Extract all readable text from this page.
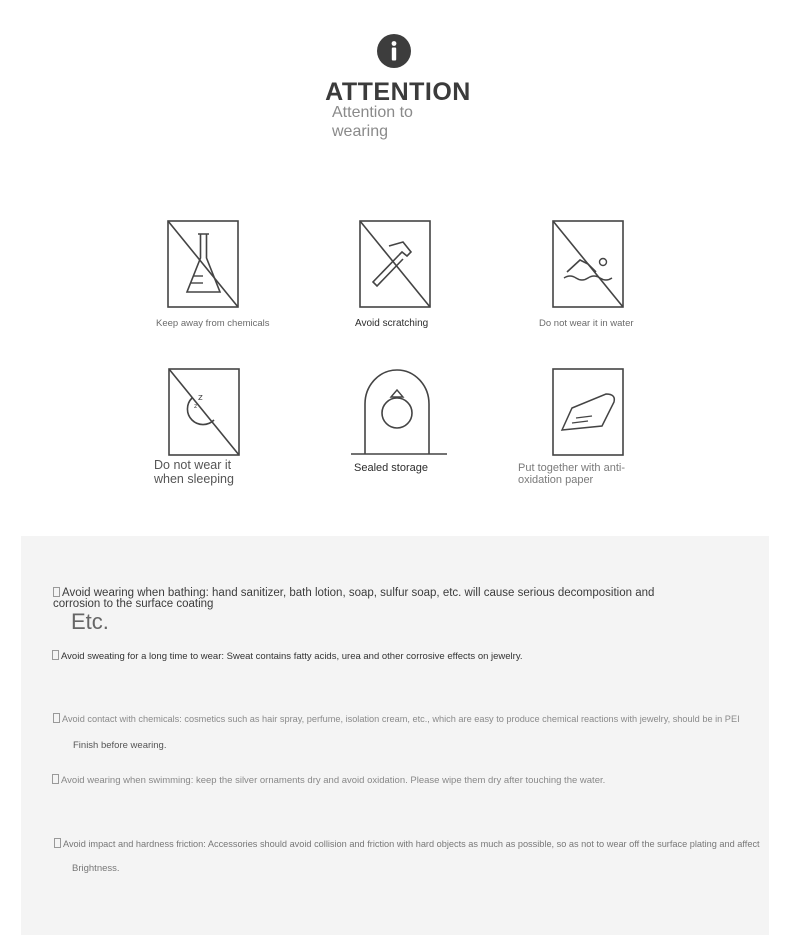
ATTENTION
Attention to wearing
Keep away from chemicals	Avoid scratching	Do not wear it in water
z
z
Do not wear it when sleeping
Sealed storage	Put together with anti-oxidation paper
Avoid wearing when bathing: hand sanitizer, bath lotion, soap, sulfur soap, etc. will cause serious decomposition and
corrosion to the surface coating
Etc.
Avoid sweating for a long time to wear: Sweat contains fatty acids, urea and other corrosive effects on jewelry.
Avoid contact with chemicals: cosmetics such as hair spray, perfume, isolation cream, etc., which are easy to produce chemical reactions with jewelry, should be in PEI
Finish before wearing.
Avoid wearing when swimming: keep the silver ornaments dry and avoid oxidation. Please wipe them dry after touching the water.
Avoid impact and hardness friction: Accessories should avoid collision and friction with hard objects as much as possible, so as not to wear off the surface plating and affect
Brightness.
